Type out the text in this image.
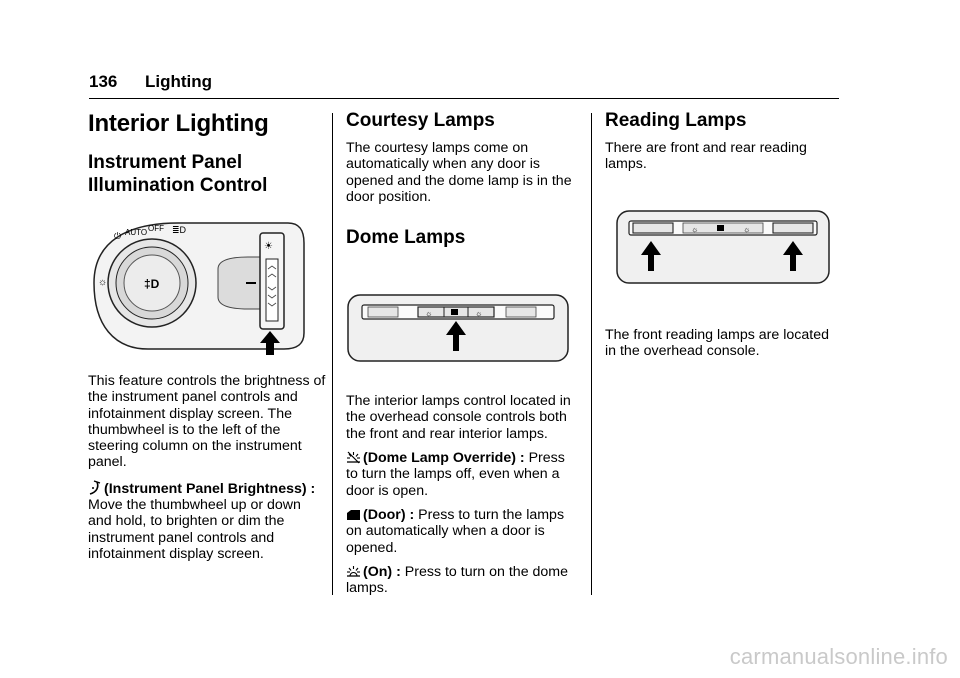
136 Lighting
Interior Lighting
Instrument Panel Illumination Control
‡D
☼
⏻ AUTO OFF ≣D
☀

This feature controls the brightness of the instrument panel controls and infotainment display screen. The thumbwheel is to the left of the steering column on the instrument panel.

(Instrument Panel Brightness) : Move the thumbwheel up or down and hold, to brighten or dim the instrument panel controls and infotainment display screen.

Courtesy Lamps

The courtesy lamps come on automatically when any door is opened and the dome lamp is in the door position.

Dome Lamps
☼	☼

The interior lamps control located in the overhead console controls both the front and rear interior lamps.

(Dome Lamp Override) : Press to turn the lamps off, even when a door is open.

(Door) : Press to turn the lamps on automatically when a door is opened.

(On) : Press to turn on the dome lamps.

Reading Lamps

There are front and rear reading lamps.

☼	☼

The front reading lamps are located in the overhead console.

carmanualsonline.info
